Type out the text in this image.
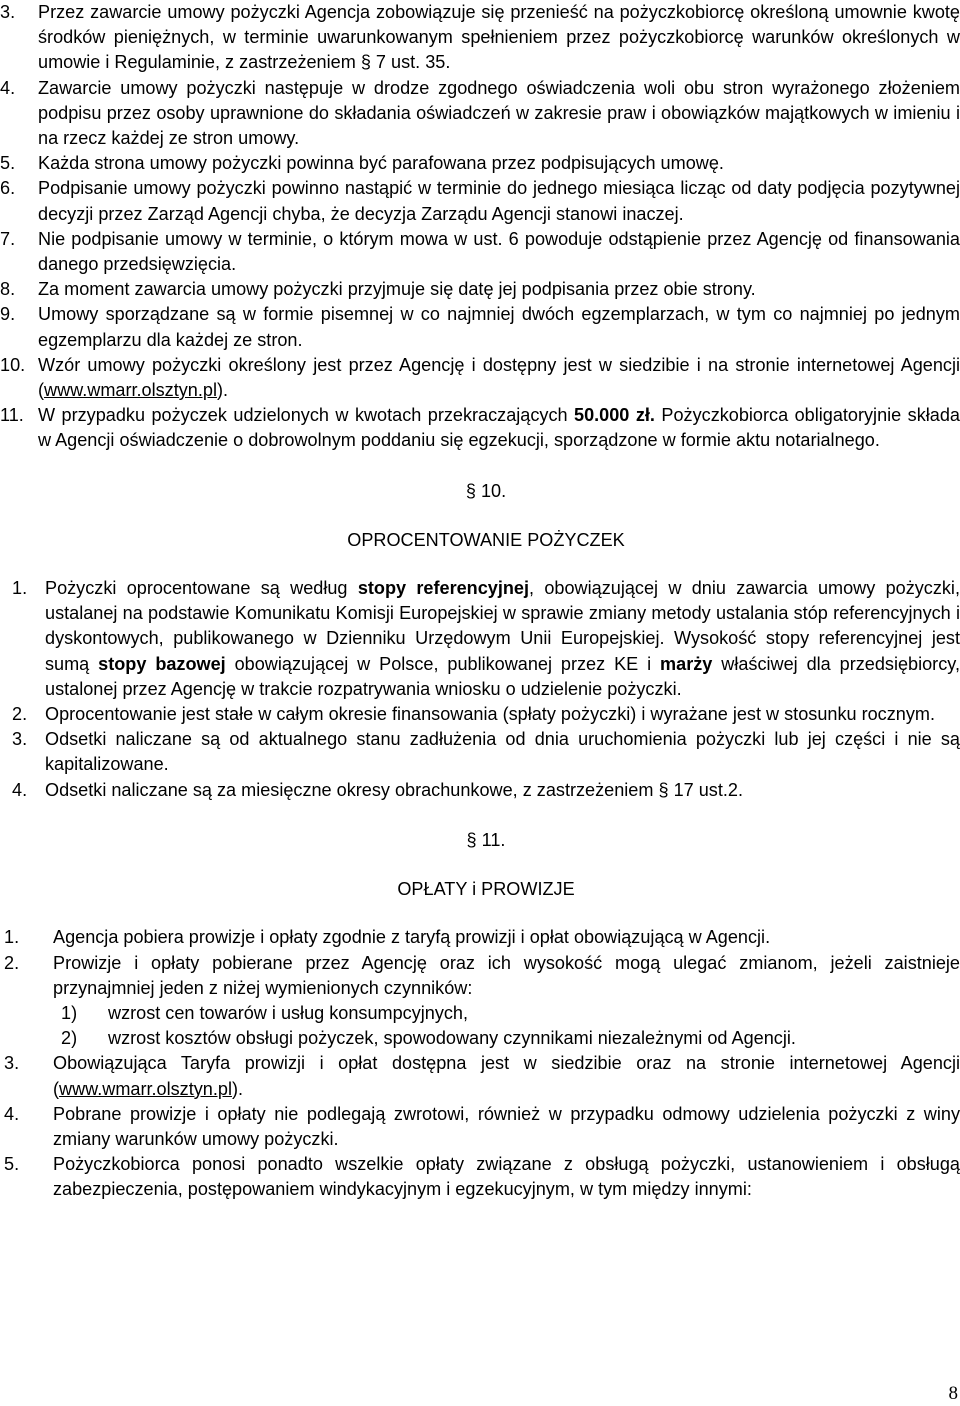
3. Przez zawarcie umowy pożyczki Agencja zobowiązuje się przenieść na pożyczkobiorcę określoną umownie kwotę środków pieniężnych, w terminie uwarunkowanym spełnieniem przez pożyczkobiorcę warunków określonych w umowie i Regulaminie, z zastrzeżeniem § 7 ust. 35.
4. Zawarcie umowy pożyczki następuje w drodze zgodnego oświadczenia woli obu stron wyrażonego złożeniem podpisu przez osoby uprawnione do składania oświadczeń w zakresie praw i obowiązków majątkowych w imieniu i na rzecz każdej ze stron umowy.
5. Każda strona umowy pożyczki powinna być parafowana przez podpisujących umowę.
6. Podpisanie umowy pożyczki powinno nastąpić w terminie do jednego miesiąca licząc od daty podjęcia pozytywnej decyzji przez Zarząd Agencji chyba, że decyzja Zarządu Agencji stanowi inaczej.
7. Nie podpisanie umowy w terminie, o którym mowa w ust. 6 powoduje odstąpienie przez Agencję od finansowania danego przedsięwzięcia.
8. Za moment zawarcia umowy pożyczki przyjmuje się datę jej podpisania przez obie strony.
9. Umowy sporządzane są w formie pisemnej w co najmniej dwóch egzemplarzach, w tym co najmniej po jednym egzemplarzu dla każdej ze stron.
10. Wzór umowy pożyczki określony jest przez Agencję i dostępny jest w siedzibie i na stronie internetowej Agencji (www.wmarr.olsztyn.pl).
11. W przypadku pożyczek udzielonych w kwotach przekraczających 50.000 zł. Pożyczkobiorca obligatoryjnie składa w Agencji oświadczenie o dobrowolnym poddaniu się egzekucji, sporządzone w formie aktu notarialnego.
§ 10.
OPROCENTOWANIE POŻYCZEK
1. Pożyczki oprocentowane są według stopy referencyjnej, obowiązującej w dniu zawarcia umowy pożyczki, ustalanej na podstawie Komunikatu Komisji Europejskiej w sprawie zmiany metody ustalania stóp referencyjnych i dyskontowych, publikowanego w Dzienniku Urzędowym Unii Europejskiej. Wysokość stopy referencyjnej jest sumą stopy bazowej obowiązującej w Polsce, publikowanej przez KE i marży właściwej dla przedsiębiorcy, ustalonej przez Agencję w trakcie rozpatrywania wniosku o udzielenie pożyczki.
2. Oprocentowanie jest stałe w całym okresie finansowania (spłaty pożyczki) i wyrażane jest w stosunku rocznym.
3. Odsetki naliczane są od aktualnego stanu zadłużenia od dnia uruchomienia pożyczki lub jej części i nie są kapitalizowane.
4. Odsetki naliczane są za miesięczne okresy obrachunkowe, z zastrzeżeniem § 17 ust.2.
§ 11.
OPŁATY i PROWIZJE
1. Agencja pobiera prowizje i opłaty zgodnie z taryfą prowizji i opłat obowiązującą w Agencji.
2. Prowizje i opłaty pobierane przez Agencję oraz ich wysokość mogą ulegać zmianom, jeżeli zaistnieje przynajmniej jeden z niżej wymienionych czynników:
1) wzrost cen towarów i usług konsumpcyjnych,
2) wzrost kosztów obsługi pożyczek, spowodowany czynnikami niezależnymi od Agencji.
3. Obowiązująca Taryfa prowizji i opłat dostępna jest w siedzibie oraz na stronie internetowej Agencji (www.wmarr.olsztyn.pl).
4. Pobrane prowizje i opłaty nie podlegają zwrotowi, również w przypadku odmowy udzielenia pożyczki z winy zmiany warunków umowy pożyczki.
5. Pożyczkobiorca ponosi ponadto wszelkie opłaty związane z obsługą pożyczki, ustanowieniem i obsługą zabezpieczenia, postępowaniem windykacyjnym i egzekucyjnym, w tym między innymi:
8
